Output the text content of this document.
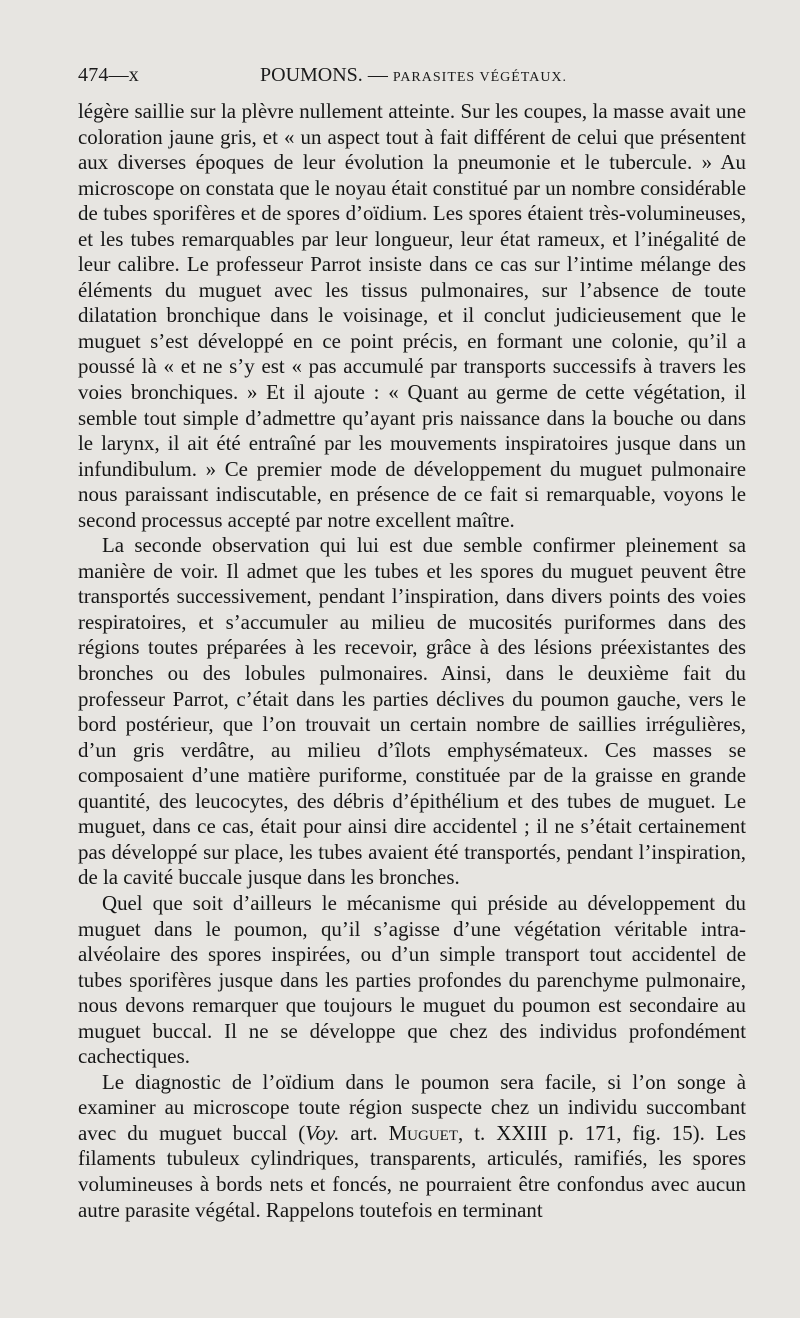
474—x	POUMONS. — PARASITES VÉGÉTAUX.

légère saillie sur la plèvre nullement atteinte. Sur les coupes, la masse avait une coloration jaune gris, et « un aspect tout à fait différent de celui que présentent aux diverses époques de leur évolution la pneumonie et le tubercule. » Au microscope on constata que le noyau était constitué par un nombre considérable de tubes sporifères et de spores d’oïdium. Les spores étaient très-volumineuses, et les tubes remarquables par leur longueur, leur état rameux, et l’inégalité de leur calibre. Le professeur Parrot insiste dans ce cas sur l’intime mélange des éléments du muguet avec les tissus pulmonaires, sur l’absence de toute dilatation bronchique dans le voisinage, et il conclut judicieusement que le muguet s’est développé en ce point précis, en formant une colonie, qu’il a poussé là « et ne s’y est « pas accumulé par transports successifs à travers les voies bronchiques. » Et il ajoute : « Quant au germe de cette végétation, il semble tout simple d’admettre qu’ayant pris naissance dans la bouche ou dans le larynx, il ait été entraîné par les mouvements inspiratoires jusque dans un infundibulum. » Ce premier mode de développement du muguet pulmonaire nous paraissant indiscutable, en présence de ce fait si remarquable, voyons le second processus accepté par notre excellent maître.

La seconde observation qui lui est due semble confirmer pleinement sa manière de voir. Il admet que les tubes et les spores du muguet peuvent être transportés successivement, pendant l’inspiration, dans divers points des voies respiratoires, et s’accumuler au milieu de mucosités puriformes dans des régions toutes préparées à les recevoir, grâce à des lésions préexistantes des bronches ou des lobules pulmonaires. Ainsi, dans le deuxième fait du professeur Parrot, c’était dans les parties déclives du poumon gauche, vers le bord postérieur, que l’on trouvait un certain nombre de saillies irrégulières, d’un gris verdâtre, au milieu d’îlots emphysémateux. Ces masses se composaient d’une matière puriforme, constituée par de la graisse en grande quantité, des leucocytes, des débris d’épithélium et des tubes de muguet. Le muguet, dans ce cas, était pour ainsi dire accidentel ; il ne s’était certainement pas développé sur place, les tubes avaient été transportés, pendant l’inspiration, de la cavité buccale jusque dans les bronches.

Quel que soit d’ailleurs le mécanisme qui préside au développement du muguet dans le poumon, qu’il s’agisse d’une végétation véritable intra-alvéolaire des spores inspirées, ou d’un simple transport tout accidentel de tubes sporifères jusque dans les parties profondes du parenchyme pulmonaire, nous devons remarquer que toujours le muguet du poumon est secondaire au muguet buccal. Il ne se développe que chez des individus profondément cachectiques.

Le diagnostic de l’oïdium dans le poumon sera facile, si l’on songe à examiner au microscope toute région suspecte chez un individu succombant avec du muguet buccal (Voy. art. Muguet, t. XXIII p. 171, fig. 15). Les filaments tubuleux cylindriques, transparents, articulés, ramifiés, les spores volumineuses à bords nets et foncés, ne pourraient être confondus avec aucun autre parasite végétal. Rappelons toutefois en terminant
